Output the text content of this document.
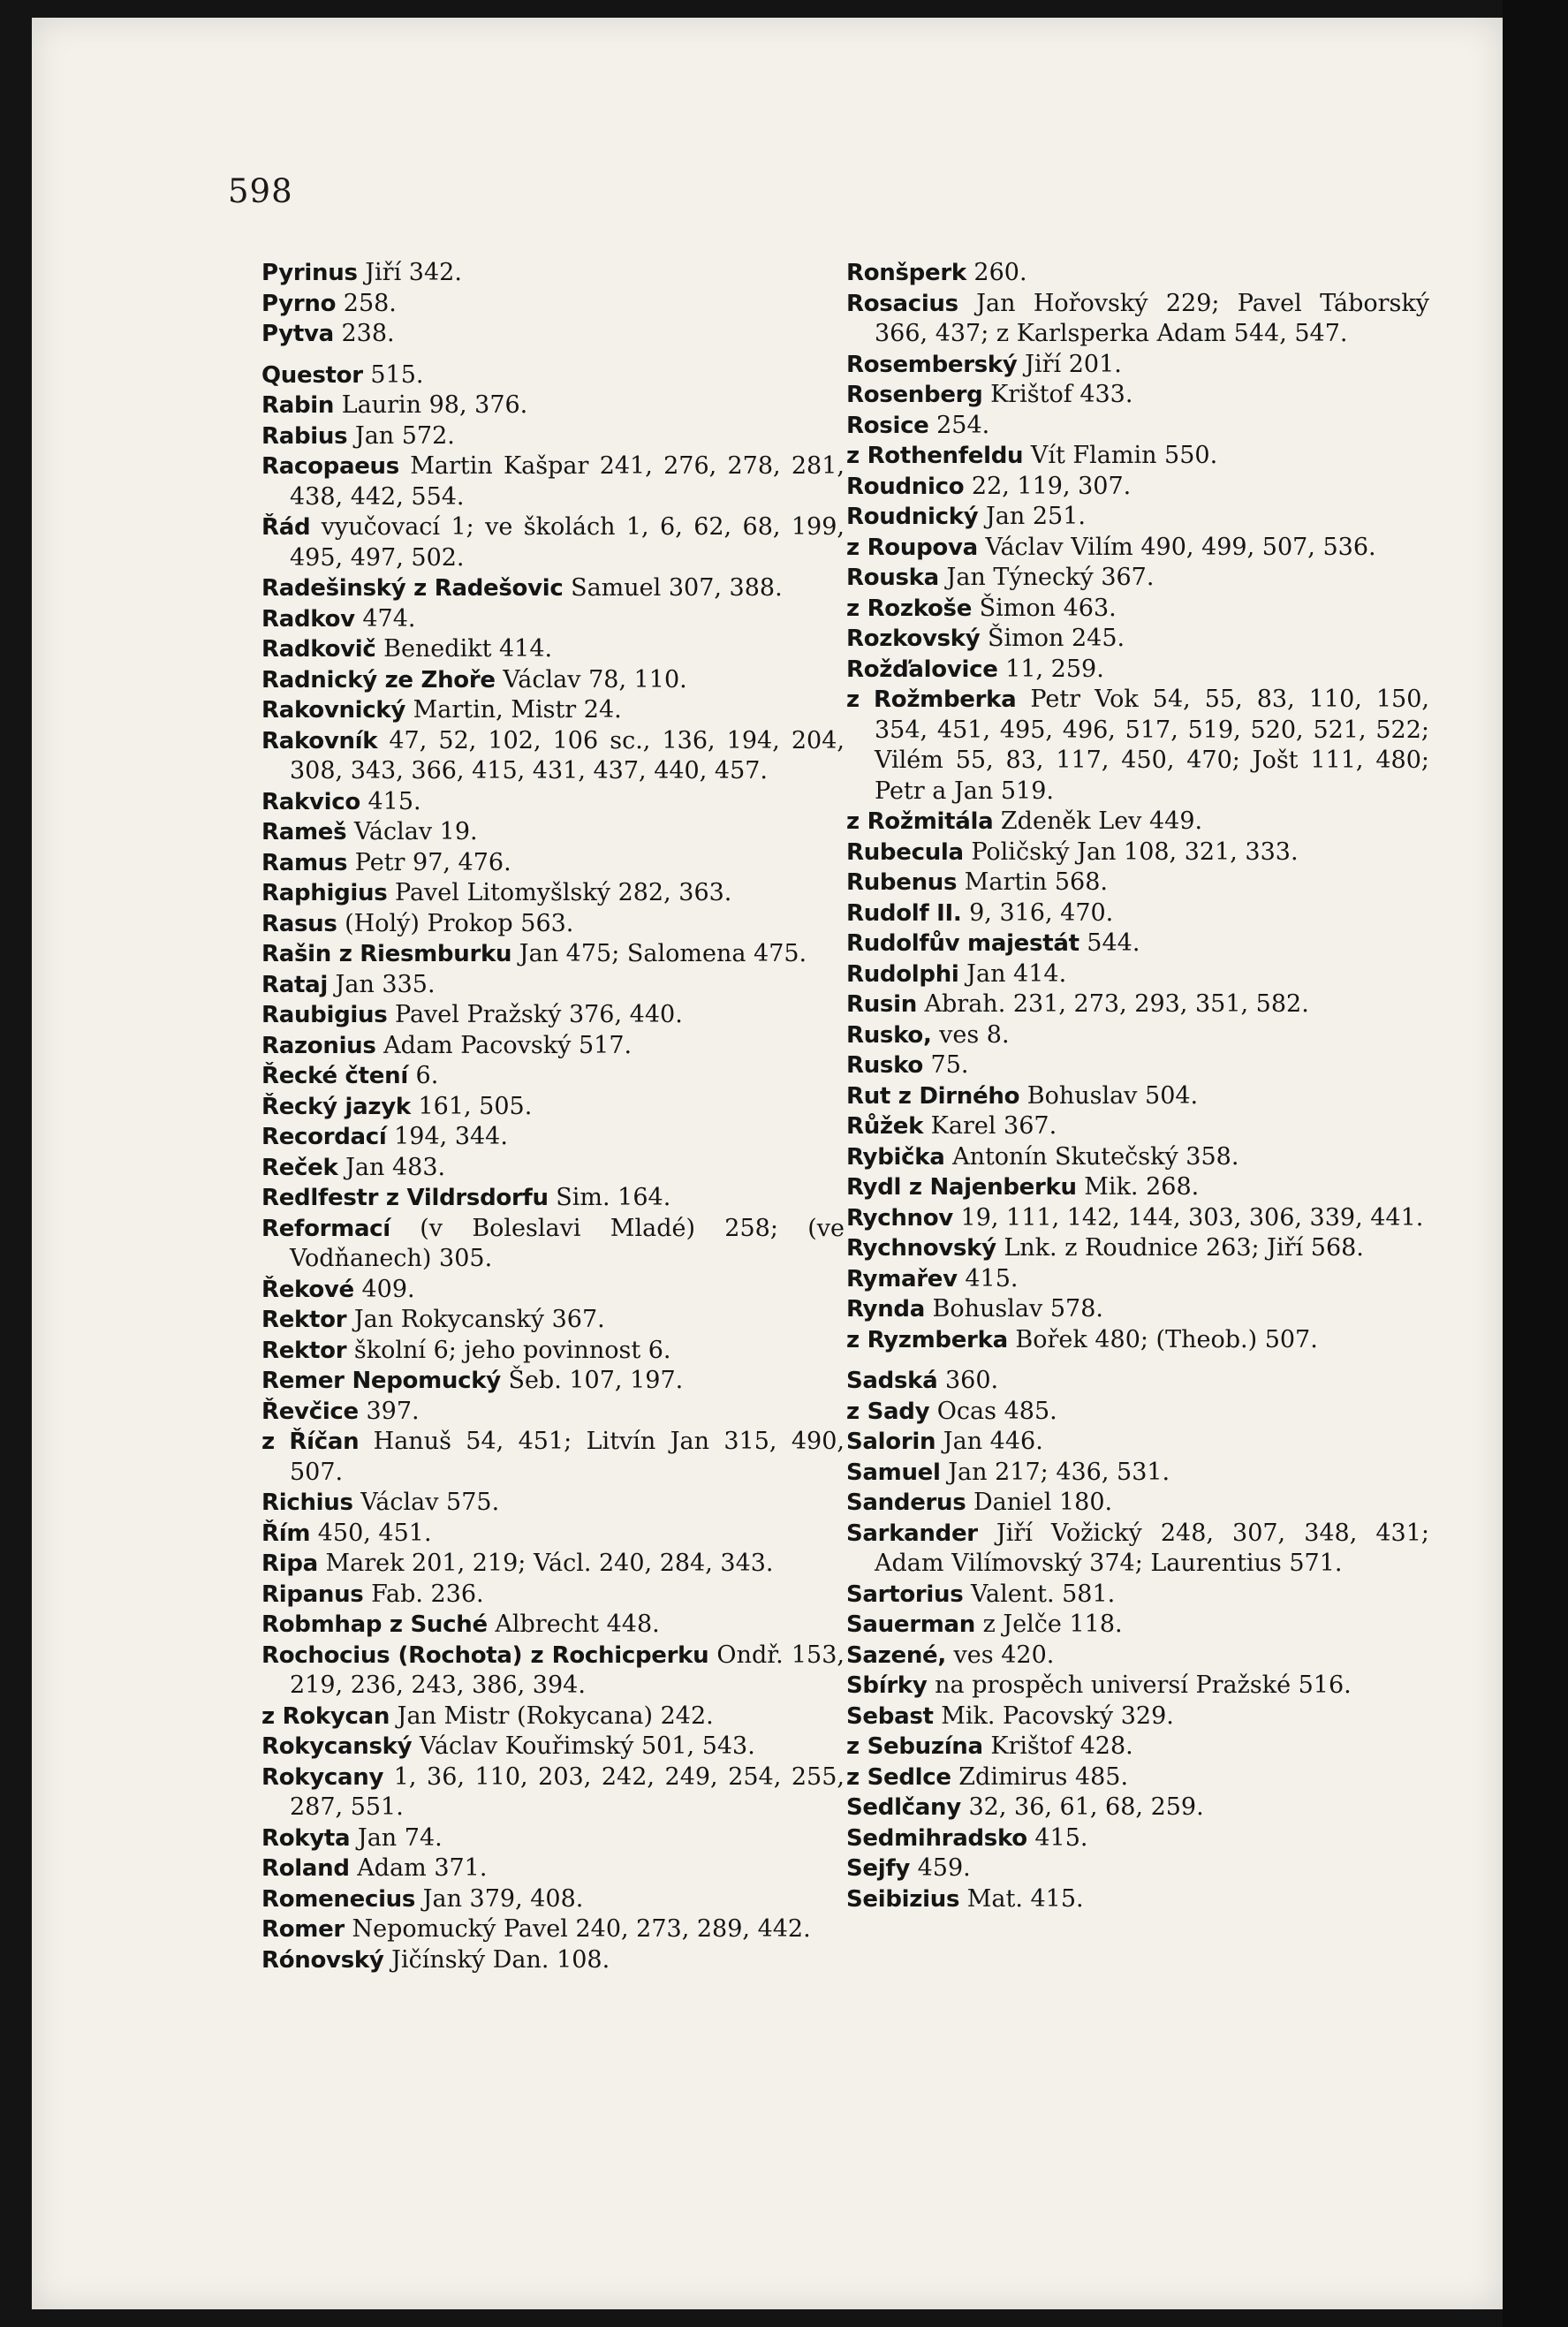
598
Pyrinus Jiří 342.
Pyrno 258.
Pytva 238.
Questor 515.
Rabin Laurin 98, 376.
Rabius Jan 572.
Racopaeus Martin Kašpar 241, 276, 278, 281, 438, 442, 554.
Řád vyučovací 1; ve školách 1, 6, 62, 68, 199, 495, 497, 502.
Radešinský z Radešovic Samuel 307, 388.
Radkov 474.
Radkovič Benedikt 414.
Radnický ze Zhoře Václav 78, 110.
Rakovnický Martin, Mistr 24.
Rakovník 47, 52, 102, 106 sc., 136, 194, 204, 308, 343, 366, 415, 431, 437, 440, 457.
Rakvico 415.
Rameš Václav 19.
Ramus Petr 97, 476.
Raphigius Pavel Litomyšlský 282, 363.
Rasus (Holý) Prokop 563.
Rašin z Riesmburku Jan 475; Salomena 475.
Rataj Jan 335.
Raubigius Pavel Pražský 376, 440.
Razonius Adam Pacovský 517.
Řecké čtení 6.
Řecký jazyk 161, 505.
Recordací 194, 344.
Reček Jan 483.
Redlfestr z Vildrsdorfu Sim. 164.
Reformací (v Boleslavi Mladé) 258; (ve Vodňanech) 305.
Řekové 409.
Rektor Jan Rokycanský 367.
Rektor školní 6; jeho povinnost 6.
Remer Nepomucký Šeb. 107, 197.
Řevčice 397.
z Říčan Hanuš 54, 451; Litvín Jan 315, 490, 507.
Richius Václav 575.
Řím 450, 451.
Ripa Marek 201, 219; Václ. 240, 284, 343.
Ripanus Fab. 236.
Robmhap z Suché Albrecht 448.
Rochocius (Rochota) z Rochicperku Ondř. 153, 219, 236, 243, 386, 394.
z Rokycan Jan Mistr (Rokycana) 242.
Rokycanský Václav Kouřimský 501, 543.
Rokycany 1, 36, 110, 203, 242, 249, 254, 255, 287, 551.
Rokyta Jan 74.
Roland Adam 371.
Romenecius Jan 379, 408.
Romer Nepomucký Pavel 240, 273, 289, 442.
Rónovský Jičínský Dan. 108.
Ronšperk 260.
Rosacius Jan Hořovský 229; Pavel Táborský 366, 437; z Karlsperka Adam 544, 547.
Rosemberský Jiří 201.
Rosenberg Krištof 433.
Rosice 254.
z Rothenfeldu Vít Flamin 550.
Roudnico 22, 119, 307.
Roudnický Jan 251.
z Roupova Václav Vilím 490, 499, 507, 536.
Rouska Jan Týnecký 367.
z Rozkoše Šimon 463.
Rozkovský Šimon 245.
Rožďalovice 11, 259.
z Rožmberka Petr Vok 54, 55, 83, 110, 150, 354, 451, 495, 496, 517, 519, 520, 521, 522; Vilém 55, 83, 117, 450, 470; Jošt 111, 480; Petr a Jan 519.
z Rožmitála Zdeněk Lev 449.
Rubecula Poličský Jan 108, 321, 333.
Rubenus Martin 568.
Rudolf II. 9, 316, 470.
Rudolfův majestát 544.
Rudolphi Jan 414.
Rusin Abrah. 231, 273, 293, 351, 582.
Rusko, ves 8.
Rusko 75.
Rut z Dirného Bohuslav 504.
Růžek Karel 367.
Rybička Antonín Skutečský 358.
Rydl z Najenberku Mik. 268.
Rychnov 19, 111, 142, 144, 303, 306, 339, 441.
Rychnovský Lnk. z Roudnice 263; Jiří 568.
Rymařev 415.
Rynda Bohuslav 578.
z Ryzmberka Bořek 480; (Theob.) 507.
Sadská 360.
z Sady Ocas 485.
Salorin Jan 446.
Samuel Jan 217; 436, 531.
Sanderus Daniel 180.
Sarkander Jiří Vožický 248, 307, 348, 431; Adam Vilímovský 374; Laurentius 571.
Sartorius Valent. 581.
Sauerman z Jelče 118.
Sazené, ves 420.
Sbírky na prospěch universí Pražské 516.
Sebast Mik. Pacovský 329.
z Sebuzína Krištof 428.
z Sedlce Zdimirus 485.
Sedlčany 32, 36, 61, 68, 259.
Sedmihradsko 415.
Sejfy 459.
Seibizius Mat. 415.
